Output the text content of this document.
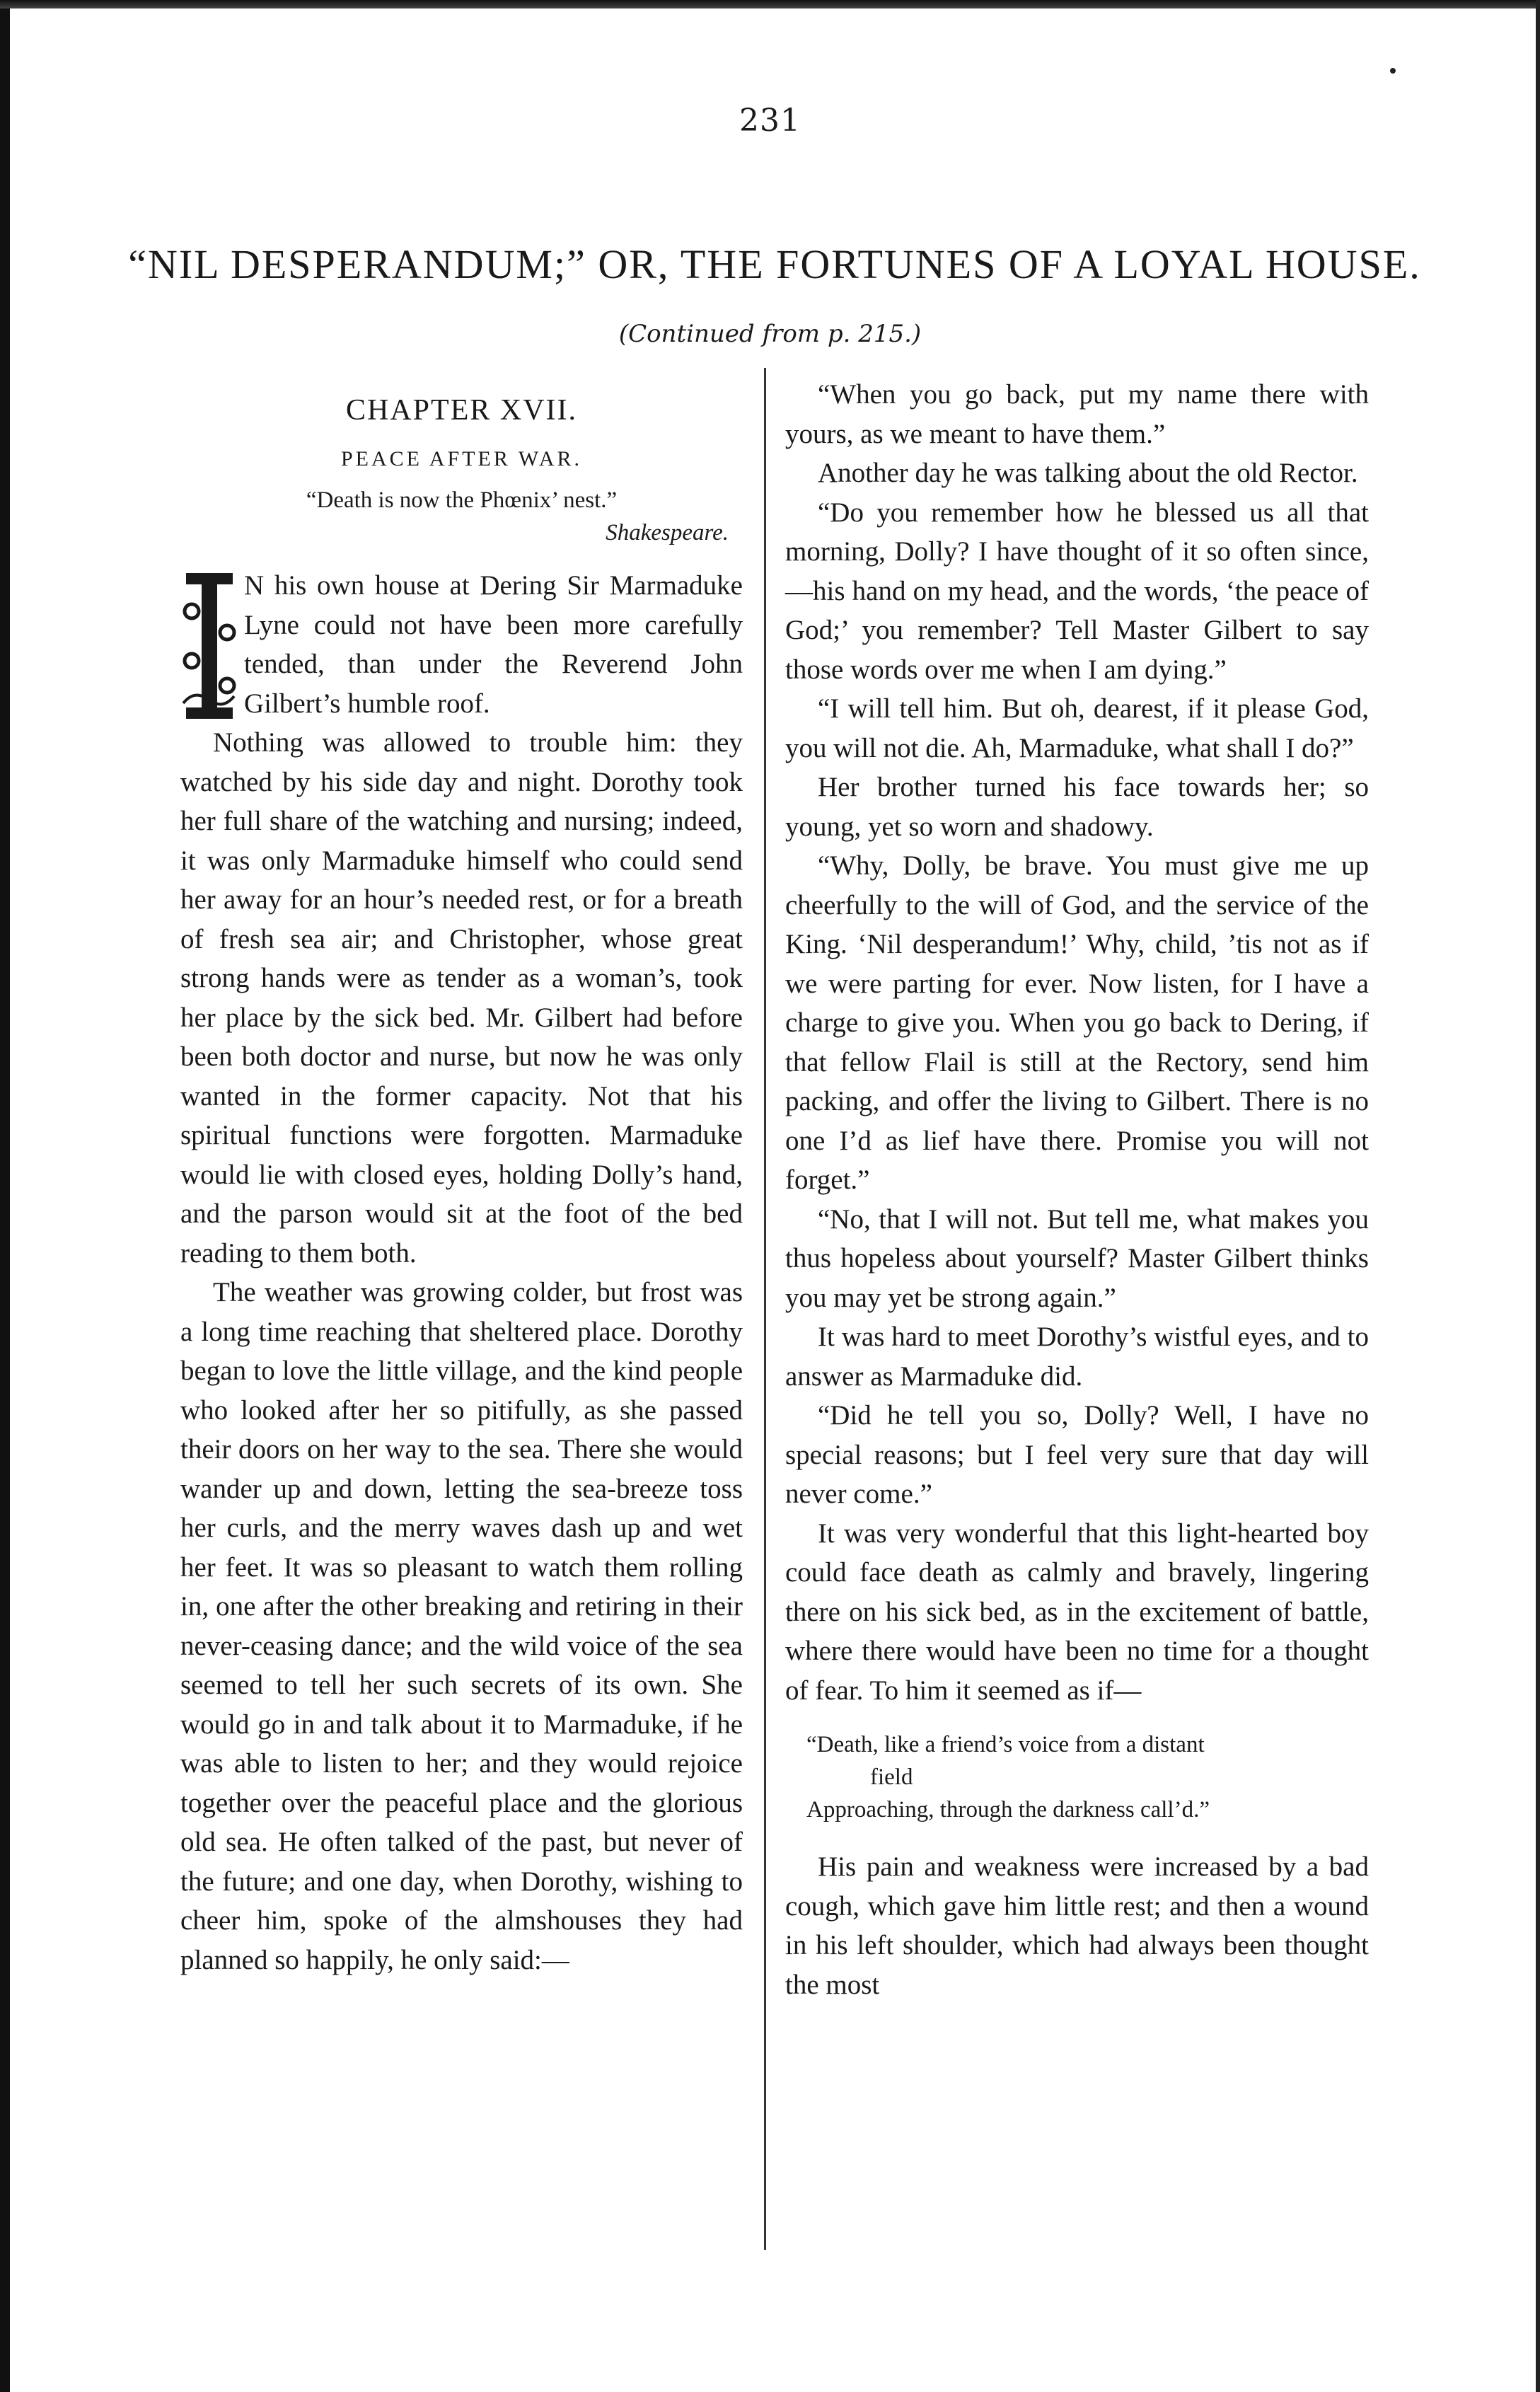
231
“NIL DESPERANDUM;” OR, THE FORTUNES OF A LOYAL HOUSE.
(Continued from p. 215.)
CHAPTER XVII.
PEACE AFTER WAR.
“Death is now the Phœnix’ nest.”
Shakespeare.

N his own house at Dering Sir Marmaduke Lyne could not have been more carefully tended, than under the Reverend John Gilbert’s humble roof.

Nothing was allowed to trouble him: they watched by his side day and night. Dorothy took her full share of the watching and nursing; indeed, it was only Marmaduke himself who could send her away for an hour’s needed rest, or for a breath of fresh sea air; and Christopher, whose great strong hands were as tender as a woman’s, took her place by the sick bed. Mr. Gilbert had before been both doctor and nurse, but now he was only wanted in the former capacity. Not that his spiritual functions were forgotten. Marmaduke would lie with closed eyes, holding Dolly’s hand, and the parson would sit at the foot of the bed reading to them both.

The weather was growing colder, but frost was a long time reaching that sheltered place. Dorothy began to love the little village, and the kind people who looked after her so pitifully, as she passed their doors on her way to the sea. There she would wander up and down, letting the sea-breeze toss her curls, and the merry waves dash up and wet her feet. It was so pleasant to watch them rolling in, one after the other breaking and retiring in their never-ceasing dance; and the wild voice of the sea seemed to tell her such secrets of its own. She would go in and talk about it to Marmaduke, if he was able to listen to her; and they would rejoice together over the peaceful place and the glorious old sea. He often talked of the past, but never of the future; and one day, when Dorothy, wishing to cheer him, spoke of the almshouses they had planned so happily, he only said:—

“When you go back, put my name there with yours, as we meant to have them.”

Another day he was talking about the old Rector.

“Do you remember how he blessed us all that morning, Dolly? I have thought of it so often since,—his hand on my head, and the words, ‘the peace of God;’ you remember? Tell Master Gilbert to say those words over me when I am dying.”

“I will tell him. But oh, dearest, if it please God, you will not die. Ah, Marmaduke, what shall I do?”

Her brother turned his face towards her; so young, yet so worn and shadowy.

“Why, Dolly, be brave. You must give me up cheerfully to the will of God, and the service of the King. ‘Nil desperandum!’ Why, child, ’tis not as if we were parting for ever. Now listen, for I have a charge to give you. When you go back to Dering, if that fellow Flail is still at the Rectory, send him packing, and offer the living to Gilbert. There is no one I’d as lief have there. Promise you will not forget.”

“No, that I will not. But tell me, what makes you thus hopeless about yourself? Master Gilbert thinks you may yet be strong again.”

It was hard to meet Dorothy’s wistful eyes, and to answer as Marmaduke did.

“Did he tell you so, Dolly? Well, I have no special reasons; but I feel very sure that day will never come.”

It was very wonderful that this light-hearted boy could face death as calmly and bravely, lingering there on his sick bed, as in the excitement of battle, where there would have been no time for a thought of fear. To him it seemed as if—

“Death, like a friend’s voice from a distant
field
Approaching, through the darkness call’d.”

His pain and weakness were increased by a bad cough, which gave him little rest; and then a wound in his left shoulder, which had always been thought the most
